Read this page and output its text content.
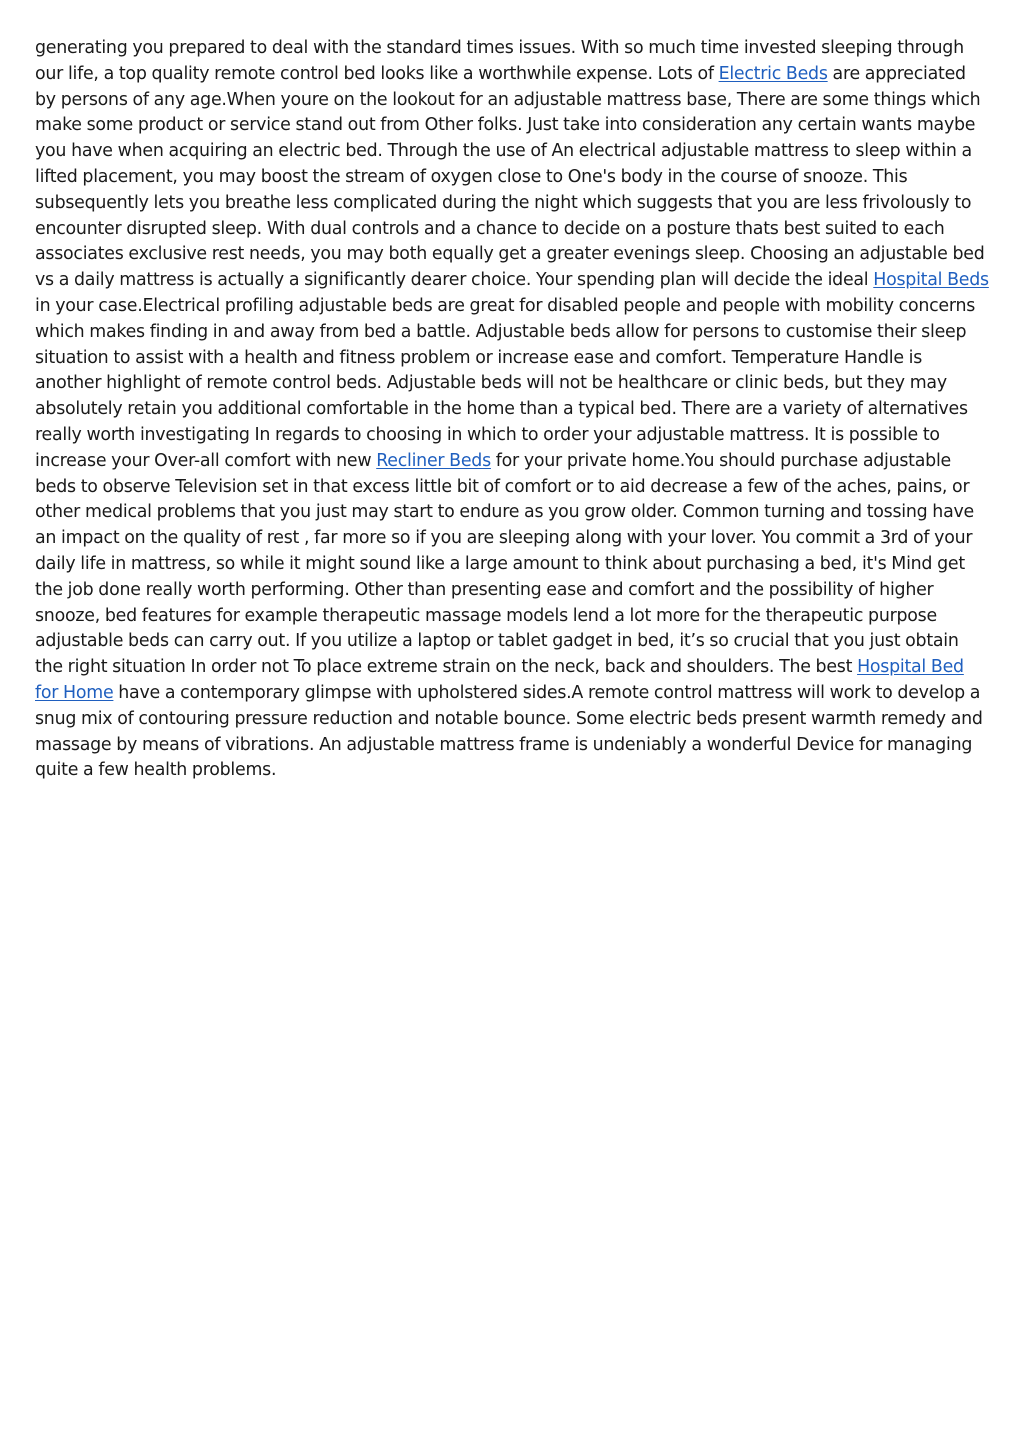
generating you prepared to deal with the standard times issues. With so much time invested sleeping through our life, a top quality remote control bed looks like a worthwhile expense. Lots of Electric Beds are appreciated by persons of any age.When youre on the lookout for an adjustable mattress base, There are some things which make some product or service stand out from Other folks. Just take into consideration any certain wants maybe you have when acquiring an electric bed. Through the use of An electrical adjustable mattress to sleep within a lifted placement, you may boost the stream of oxygen close to One's body in the course of snooze. This subsequently lets you breathe less complicated during the night which suggests that you are less frivolously to encounter disrupted sleep. With dual controls and a chance to decide on a posture thats best suited to each associates exclusive rest needs, you may both equally get a greater evenings sleep. Choosing an adjustable bed vs a daily mattress is actually a significantly dearer choice. Your spending plan will decide the ideal Hospital Beds in your case.Electrical profiling adjustable beds are great for disabled people and people with mobility concerns which makes finding in and away from bed a battle. Adjustable beds allow for persons to customise their sleep situation to assist with a health and fitness problem or increase ease and comfort. Temperature Handle is another highlight of remote control beds. Adjustable beds will not be healthcare or clinic beds, but they may absolutely retain you additional comfortable in the home than a typical bed. There are a variety of alternatives really worth investigating In regards to choosing in which to order your adjustable mattress. It is possible to increase your Over-all comfort with new Recliner Beds for your private home.You should purchase adjustable beds to observe Television set in that excess little bit of comfort or to aid decrease a few of the aches, pains, or other medical problems that you just may start to endure as you grow older. Common turning and tossing have an impact on the quality of rest , far more so if you are sleeping along with your lover. You commit a 3rd of your daily life in mattress, so while it might sound like a large amount to think about purchasing a bed, it's Mind get the job done really worth performing. Other than presenting ease and comfort and the possibility of higher snooze, bed features for example therapeutic massage models lend a lot more for the therapeutic purpose adjustable beds can carry out. If you utilize a laptop or tablet gadget in bed, it’s so crucial that you just obtain the right situation In order not To place extreme strain on the neck, back and shoulders. The best Hospital Bed for Home have a contemporary glimpse with upholstered sides.A remote control mattress will work to develop a snug mix of contouring pressure reduction and notable bounce. Some electric beds present warmth remedy and massage by means of vibrations. An adjustable mattress frame is undeniably a wonderful Device for managing quite a few health problems.
